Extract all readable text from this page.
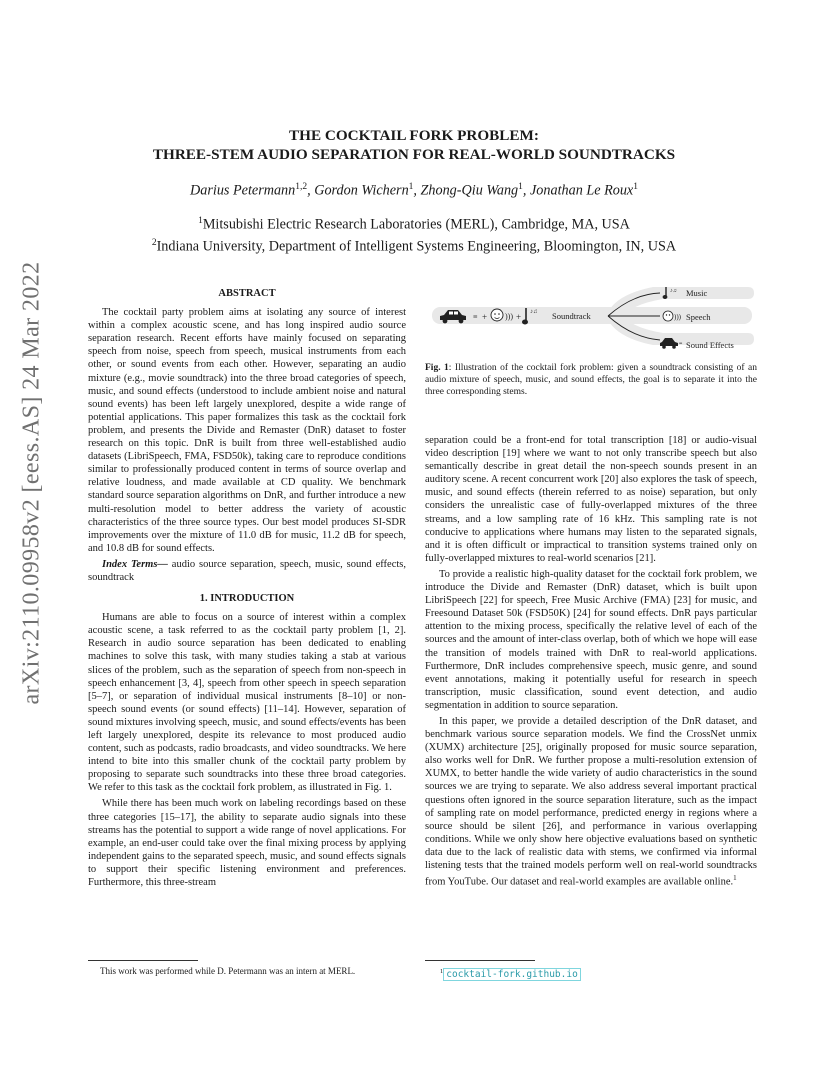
arXiv:2110.09958v2 [eess.AS] 24 Mar 2022
THE COCKTAIL FORK PROBLEM:
THREE-STEM AUDIO SEPARATION FOR REAL-WORLD SOUNDTRACKS
Darius Petermann$^{1,2}$, Gordon Wichern$^1$, Zhong-Qiu Wang$^1$, Jonathan Le Roux$^1$
$^1$Mitsubishi Electric Research Laboratories (MERL), Cambridge, MA, USA
$^2$Indiana University, Department of Intelligent Systems Engineering, Bloomington, IN, USA
ABSTRACT

The cocktail party problem aims at isolating any source of interest within a complex acoustic scene, and has long inspired audio source separation research. Recent efforts have mainly focused on separating speech from noise, speech from speech, musical instruments from each other, or sound events from each other. However, separating an audio mixture (e.g., movie soundtrack) into the three broad categories of speech, music, and sound effects (understood to include ambient noise and natural sound events) has been left largely unexplored, despite a wide range of potential applications. This paper formalizes this task as the cocktail fork problem, and presents the Divide and Remaster (DnR) dataset to foster research on this topic. DnR is built from three well-established audio datasets (LibriSpeech, FMA, FSD50k), taking care to reproduce conditions similar to professionally produced content in terms of source overlap and relative loudness, and made available at CD quality. We benchmark standard source separation algorithms on DnR, and further introduce a new multi-resolution model to better address the variety of acoustic characteristics of the three source types. Our best model produces SI-SDR improvements over the mixture of 11.0 dB for music, 11.2 dB for speech, and 10.8 dB for sound effects.

Index Terms— audio source separation, speech, music, sound effects, soundtrack

1. INTRODUCTION

Humans are able to focus on a source of interest within a complex acoustic scene, a task referred to as the cocktail party problem [1, 2]. Research in audio source separation has been dedicated to enabling machines to solve this task, with many studies taking a stab at various slices of the problem, such as the separation of speech from non-speech in speech enhancement [3, 4], speech from other speech in speech separation [5–7], or separation of individual musical instruments [8–10] or non-speech sound events (or sound effects) [11–14]. However, separation of sound mixtures involving speech, music, and sound effects/events has been left largely unexplored, despite its relevance to most produced audio content, such as podcasts, radio broadcasts, and video soundtracks. We here intend to bite into this smaller chunk of the cocktail party problem by proposing to separate such soundtracks into these three broad categories. We refer to this task as the cocktail fork problem, as illustrated in Fig. 1.

While there has been much work on labeling recordings based on these three categories [15–17], the ability to separate audio signals into these streams has the potential to support a wide range of novel applications. For example, an end-user could take over the final mixing process by applying independent gains to the separated speech, music, and sound effects signals to support their specific listening environment and preferences. Furthermore, this three-stream

This work was performed while D. Petermann was an intern at MERL.
≡ + ))) + ♪♫ Soundtrack
♪♫ Music
))) Speech
≡ Sound Effects
Fig. 1: Illustration of the cocktail fork problem: given a soundtrack consisting of an audio mixture of speech, music, and sound effects, the goal is to separate it into the three corresponding stems.

separation could be a front-end for total transcription [18] or audio-visual video description [19] where we want to not only transcribe speech but also semantically describe in great detail the non-speech sounds present in an auditory scene. A recent concurrent work [20] also explores the task of speech, music, and sound effects (therein referred to as noise) separation, but only considers the unrealistic case of fully-overlapped mixtures of the three streams, and a low sampling rate of 16 kHz. This sampling rate is not conducive to applications where humans may listen to the separated signals, and it is often difficult or impractical to transition systems trained only on fully-overlapped mixtures to real-world scenarios [21].

To provide a realistic high-quality dataset for the cocktail fork problem, we introduce the Divide and Remaster (DnR) dataset, which is built upon LibriSpeech [22] for speech, Free Music Archive (FMA) [23] for music, and Freesound Dataset 50k (FSD50K) [24] for sound effects. DnR pays particular attention to the mixing process, specifically the relative level of each of the sources and the amount of inter-class overlap, both of which we hope will ease the transition of models trained with DnR to real-world applications. Furthermore, DnR includes comprehensive speech, music genre, and sound event annotations, making it potentially useful for research in speech transcription, music classification, sound event detection, and audio segmentation in addition to source separation.

In this paper, we provide a detailed description of the DnR dataset, and benchmark various source separation models. We find the CrossNet unmix (XUMX) architecture [25], originally proposed for music source separation, also works well for DnR. We further propose a multi-resolution extension of XUMX, to better handle the wide variety of audio characteristics in the sound sources we are trying to separate. We also address several important practical questions often ignored in the source separation literature, such as the impact of sampling rate on model performance, predicted energy in regions where a source should be silent [26], and performance in various overlapping conditions. While we only show here objective evaluations based on synthetic data due to the lack of realistic data with stems, we confirmed via informal listening tests that the trained models perform well on real-world soundtracks from YouTube. Our dataset and real-world examples are available online.$^1$

$^1$ cocktail-fork.github.io
